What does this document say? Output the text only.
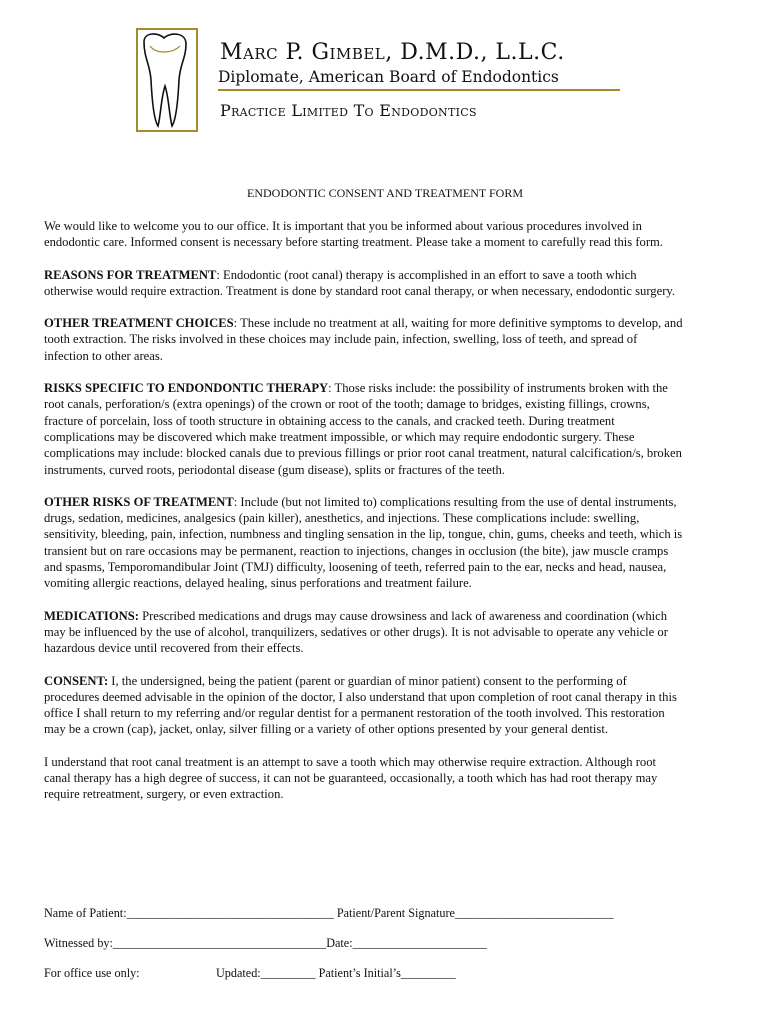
Marc P. Gimbel, D.M.D., L.L.C.
Diplomate, American Board of Endodontics
Practice Limited To Endodontics
ENDODONTIC CONSENT AND TREATMENT FORM

We would like to welcome you to our office. It is important that you be informed about various procedures involved in endodontic care. Informed consent is necessary before starting treatment. Please take a moment to carefully read this form.

REASONS FOR TREATMENT: Endodontic (root canal) therapy is accomplished in an effort to save a tooth which otherwise would require extraction. Treatment is done by standard root canal therapy, or when necessary, endodontic surgery.

OTHER TREATMENT CHOICES: These include no treatment at all, waiting for more definitive symptoms to develop, and tooth extraction. The risks involved in these choices may include pain, infection, swelling, loss of teeth, and spread of infection to other areas.

RISKS SPECIFIC TO ENDONDONTIC THERAPY: Those risks include: the possibility of instruments broken with the root canals, perforation/s (extra openings) of the crown or root of the tooth; damage to bridges, existing fillings, crowns, fracture of porcelain, loss of tooth structure in obtaining access to the canals, and cracked teeth. During treatment complications may be discovered which make treatment impossible, or which may require endodontic surgery. These complications may include: blocked canals due to previous fillings or prior root canal treatment, natural calcification/s, broken instruments, curved roots, periodontal disease (gum disease), splits or fractures of the teeth.

OTHER RISKS OF TREATMENT: Include (but not limited to) complications resulting from the use of dental instruments, drugs, sedation, medicines, analgesics (pain killer), anesthetics, and injections. These complications include: swelling, sensitivity, bleeding, pain, infection, numbness and tingling sensation in the lip, tongue, chin, gums, cheeks and teeth, which is transient but on rare occasions may be permanent, reaction to injections, changes in occlusion (the bite), jaw muscle cramps and spasms, Temporomandibular Joint (TMJ) difficulty, loosening of teeth, referred pain to the ear, necks and head, nausea, vomiting allergic reactions, delayed healing, sinus perforations and treatment failure.

MEDICATIONS: Prescribed medications and drugs may cause drowsiness and lack of awareness and coordination (which may be influenced by the use of alcohol, tranquilizers, sedatives or other drugs). It is not advisable to operate any vehicle or hazardous device until recovered from their effects.

CONSENT: I, the undersigned, being the patient (parent or guardian of minor patient) consent to the performing of procedures deemed advisable in the opinion of the doctor, I also understand that upon completion of root canal therapy in this office I shall return to my referring and/or regular dentist for a permanent restoration of the tooth involved. This restoration may be a crown (cap), jacket, onlay, silver filling or a variety of other options presented by your general dentist.

I understand that root canal treatment is an attempt to save a tooth which may otherwise require extraction. Although root canal therapy has a high degree of success, it can not be guaranteed, occasionally, a tooth which has had root therapy may require retreatment, surgery, or even extraction.

Name of Patient:__________________________________ Patient/Parent Signature__________________________
Witnessed by:___________________________________Date:______________________
For office use only:	Updated:_________ Patient’s Initial’s_________
